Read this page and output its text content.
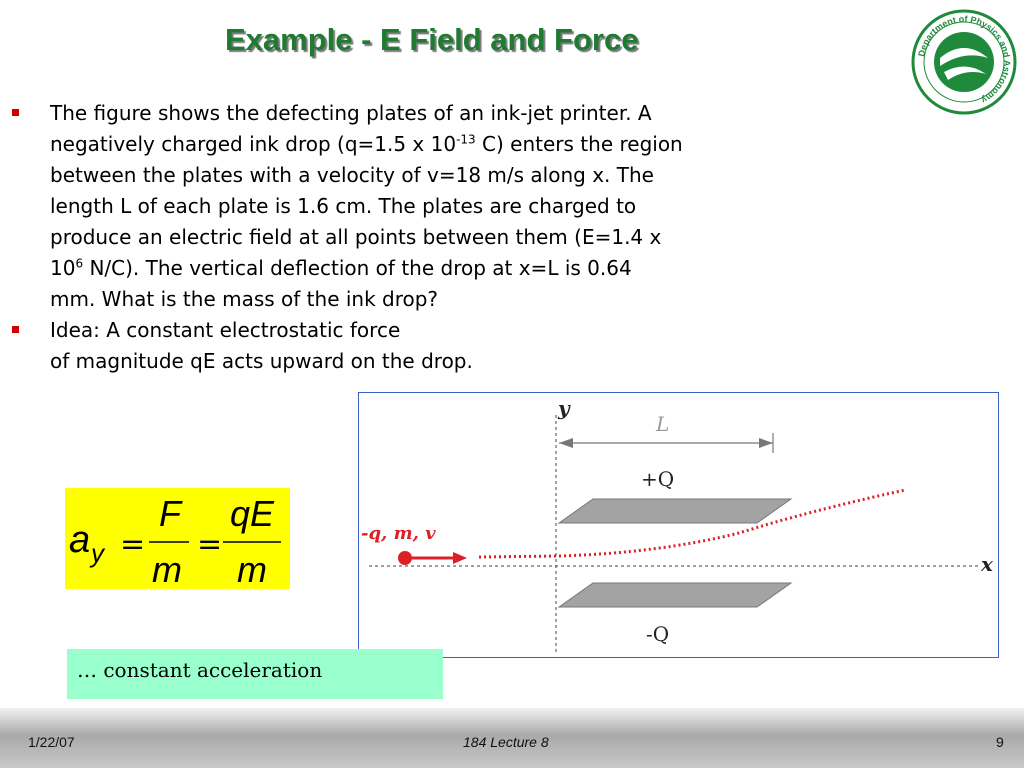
Example - E Field and Force	Department of Physics and Astronomy
The figure shows the defecting plates of an ink-jet printer. A
negatively charged ink drop (q=1.5 x $10^{-13}$ C) enters the region
between the plates with a velocity of v=18 m/s along x. The
length L of each plate is 1.6 cm. The plates are charged to
produce an electric field at all points between them (E=1.4 x
$10^6$ N/C). The vertical deflection of the drop at x=L is 0.64
mm. What is the mass of the ink drop?
Idea: A constant electrostatic force
of magnitude qE acts upward on the drop.
a y
F
m
qE
m
= =
y
x
L
+Q
-Q
-q, m, v
… constant acceleration
1/22/07	184 Lecture 8	9
